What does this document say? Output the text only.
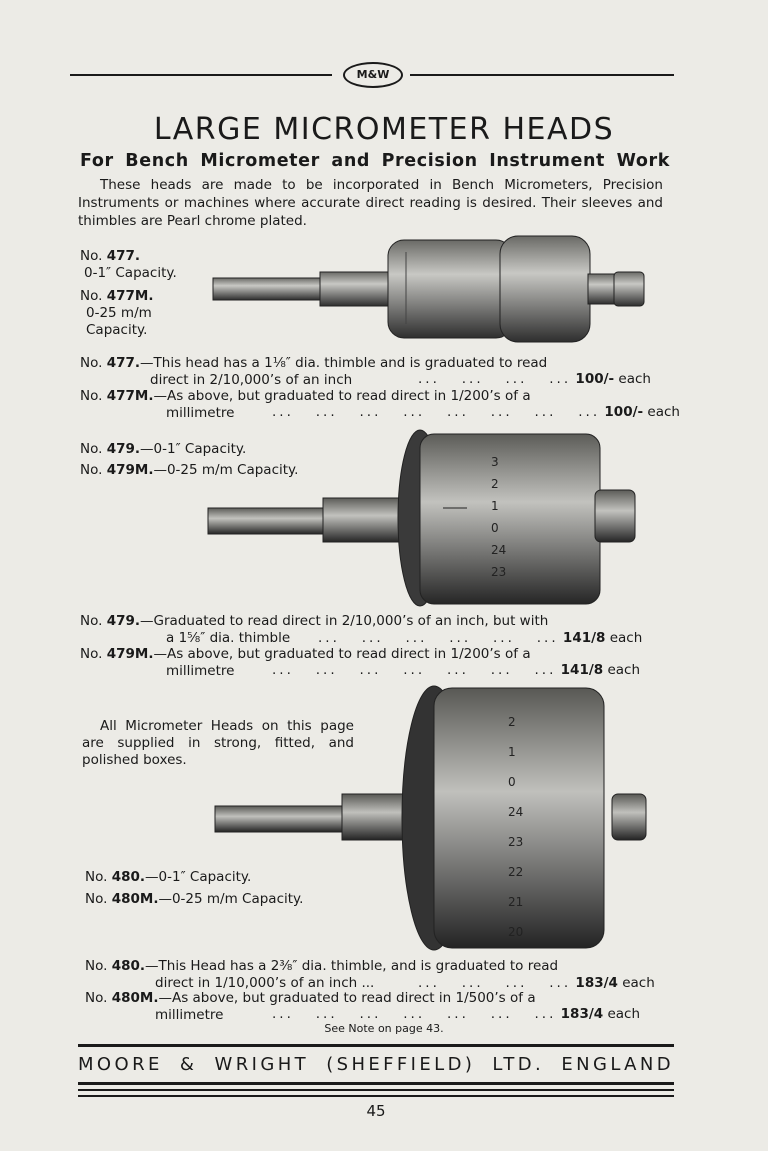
M&W
LARGE MICROMETER HEADS
For Bench Micrometer and Precision Instrument Work
These heads are made to be incorporated in Bench Micrometers, Precision Instruments or machines where accurate direct reading is desired. Their sleeves and thimbles are Pearl chrome plated.
No. 477.
0-1″ Capacity.
No. 477M.
0-25 m/m
Capacity.
No. 477.—This head has a 1⅛″ dia. thimble and is graduated to read
direct in 2/10,000’s of an inch	...   ...   ...   ... 100/- each
No. 477M.—As above, but graduated to read direct in 1/200’s of a
millimetre	...   ...   ...   ...   ...   ...   ...   ... 100/- each
No. 479.—0-1″ Capacity.
No. 479M.—0-25 m/m Capacity.	3
2
1
0
24
23
No. 479.—Graduated to read direct in 2/10,000’s of an inch, but with
a 1⅝″ dia. thimble	...   ...   ...   ...   ...   ... 141/8 each
No. 479M.—As above, but graduated to read direct in 1/200’s of a
millimetre	...   ...   ...   ...   ...   ...   ... 141/8 each
All Micrometer Heads on this page are supplied in strong, fitted, and polished boxes.
2
1
0
24
23
22
21
20
No. 480.—0-1″ Capacity.
No. 480M.—0-25 m/m Capacity.
No. 480.—This Head has a 2⅜″ dia. thimble, and is graduated to read
direct in 1/10,000’s of an inch ...	...   ...   ...   ... 183/4 each
No. 480M.—As above, but graduated to read direct in 1/500’s of a
millimetre	...   ...   ...   ...   ...   ...   ... 183/4 each
See Note on page 43.
MOORE & WRIGHT (SHEFFIELD) LTD. ENGLAND
45
